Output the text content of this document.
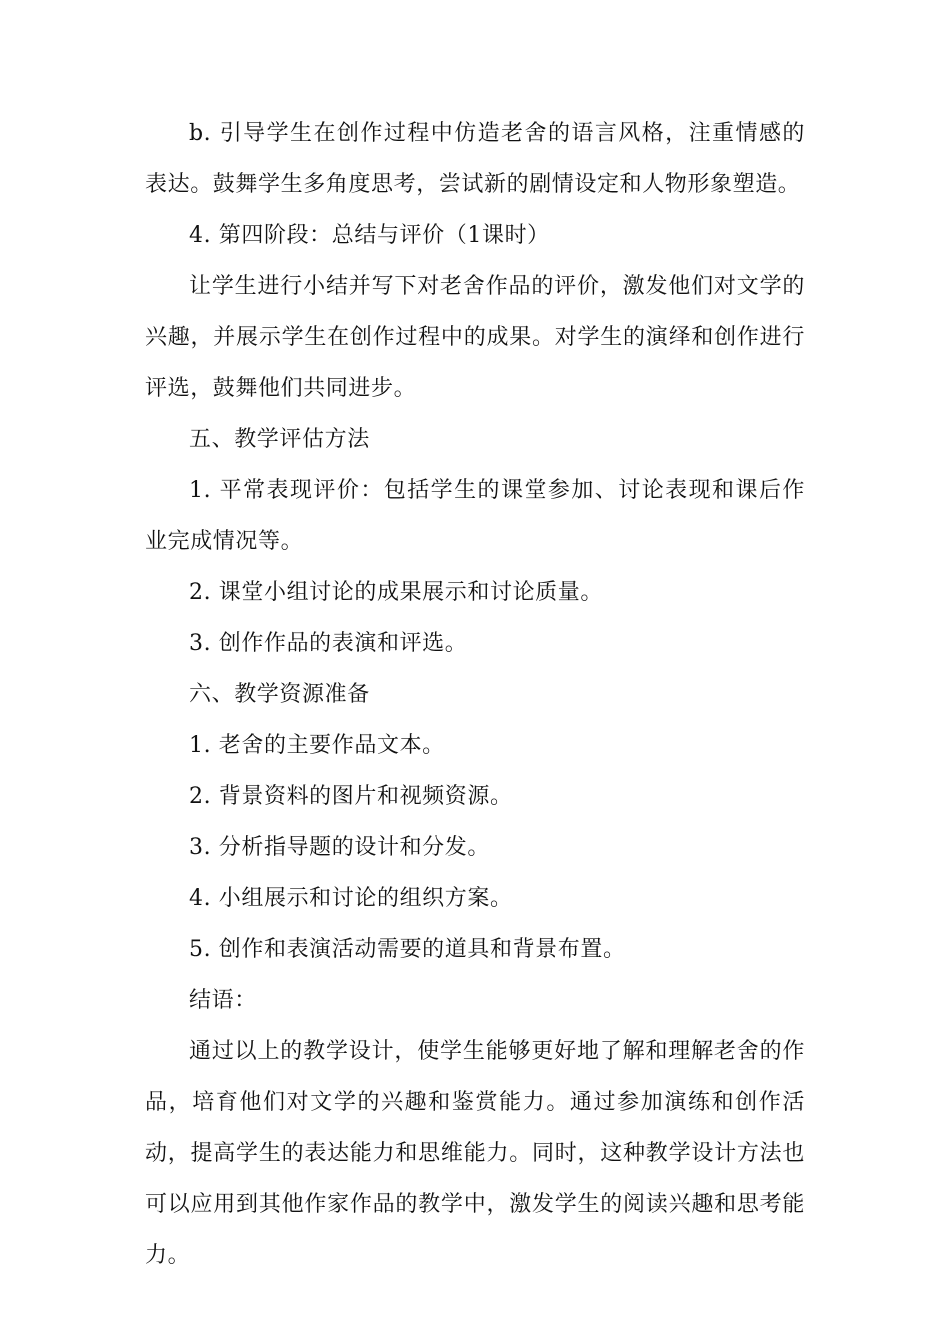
b. 引导学生在创作过程中仿造老舍的语言风格，注重情感的表达。鼓舞学生多角度思考，尝试新的剧情设定和人物形象塑造。

4. 第四阶段：总结与评价（1课时）

让学生进行小结并写下对老舍作品的评价，激发他们对文学的兴趣，并展示学生在创作过程中的成果。对学生的演绎和创作进行评选，鼓舞他们共同进步。

五、教学评估方法

1. 平常表现评价：包括学生的课堂参加、讨论表现和课后作业完成情况等。

2. 课堂小组讨论的成果展示和讨论质量。

3. 创作作品的表演和评选。

六、教学资源准备

1. 老舍的主要作品文本。

2. 背景资料的图片和视频资源。

3. 分析指导题的设计和分发。

4. 小组展示和讨论的组织方案。

5. 创作和表演活动需要的道具和背景布置。

结语：

通过以上的教学设计，使学生能够更好地了解和理解老舍的作品，培育他们对文学的兴趣和鉴赏能力。通过参加演练和创作活动，提高学生的表达能力和思维能力。同时，这种教学设计方法也可以应用到其他作家作品的教学中，激发学生的阅读兴趣和思考能力。
